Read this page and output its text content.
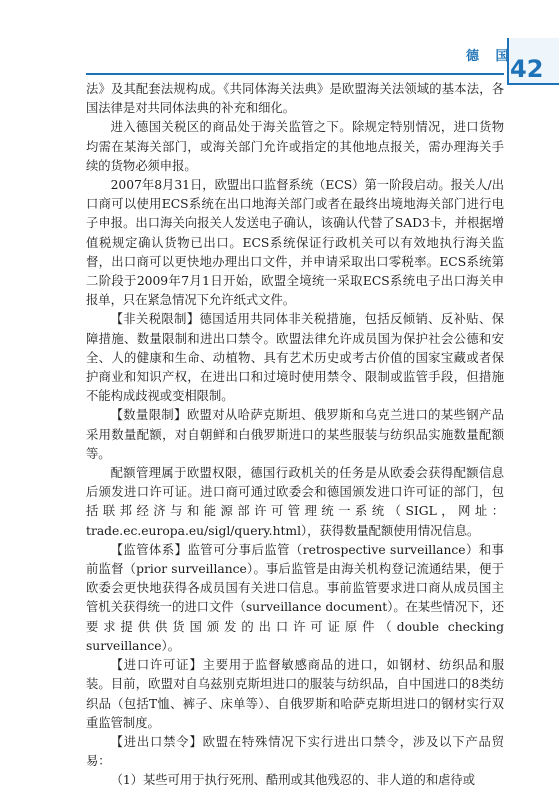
德 国
42

法》及其配套法规构成。《共同体海关法典》是欧盟海关法领域的基本法，各国法律是对共同体法典的补充和细化。

进入德国关税区的商品处于海关监管之下。除规定特别情况，进口货物均需在某海关部门，或海关部门允许或指定的其他地点报关，需办理海关手续的货物必须申报。

2007年8月31日，欧盟出口监督系统（ECS）第一阶段启动。报关人/出口商可以使用ECS系统在出口地海关部门或者在最终出境地海关部门进行电子申报。出口海关向报关人发送电子确认，该确认代替了SAD3卡，并根据增值税规定确认货物已出口。ECS系统保证行政机关可以有效地执行海关监督，出口商可以更快地办理出口文件，并申请采取出口零税率。ECS系统第二阶段于2009年7月1日开始，欧盟全境统一采取ECS系统电子出口海关申报单，只在紧急情况下允许纸式文件。

【非关税限制】德国适用共同体非关税措施，包括反倾销、反补贴、保障措施、数量限制和进出口禁令。欧盟法律允许成员国为保护社会公德和安全、人的健康和生命、动植物、具有艺术历史或考古价值的国家宝藏或者保护商业和知识产权，在进出口和过境时使用禁令、限制或监管手段，但措施不能构成歧视或变相限制。

【数量限制】欧盟对从哈萨克斯坦、俄罗斯和乌克兰进口的某些钢产品采用数量配额，对自朝鲜和白俄罗斯进口的某些服装与纺织品实施数量配额等。

配额管理属于欧盟权限，德国行政机关的任务是从欧委会获得配额信息后颁发进口许可证。进口商可通过欧委会和德国颁发进口许可证的部门，包括联邦经济与和能源部许可管理统一系统（SIGL，网址：trade.ec.europa.eu/sigl/query.html），获得数量配额使用情况信息。

【监管体系】监管可分事后监管（retrospective surveillance）和事前监督（prior surveillance）。事后监管是由海关机构登记流通结果，便于欧委会更快地获得各成员国有关进口信息。事前监管要求进口商从成员国主管机关获得统一的进口文件（surveillance document）。在某些情况下，还要求提供供货国颁发的出口许可证原件（double checking surveillance）。

【进口许可证】主要用于监督敏感商品的进口，如钢材、纺织品和服装。目前，欧盟对自乌兹别克斯坦进口的服装与纺织品，自中国进口的8类纺织品（包括T恤、裤子、床单等）、自俄罗斯和哈萨克斯坦进口的钢材实行双重监管制度。

【进出口禁令】欧盟在特殊情况下实行进出口禁令，涉及以下产品贸易：

（1）某些可用于执行死刑、酷刑或其他残忍的、非人道的和虐待或
